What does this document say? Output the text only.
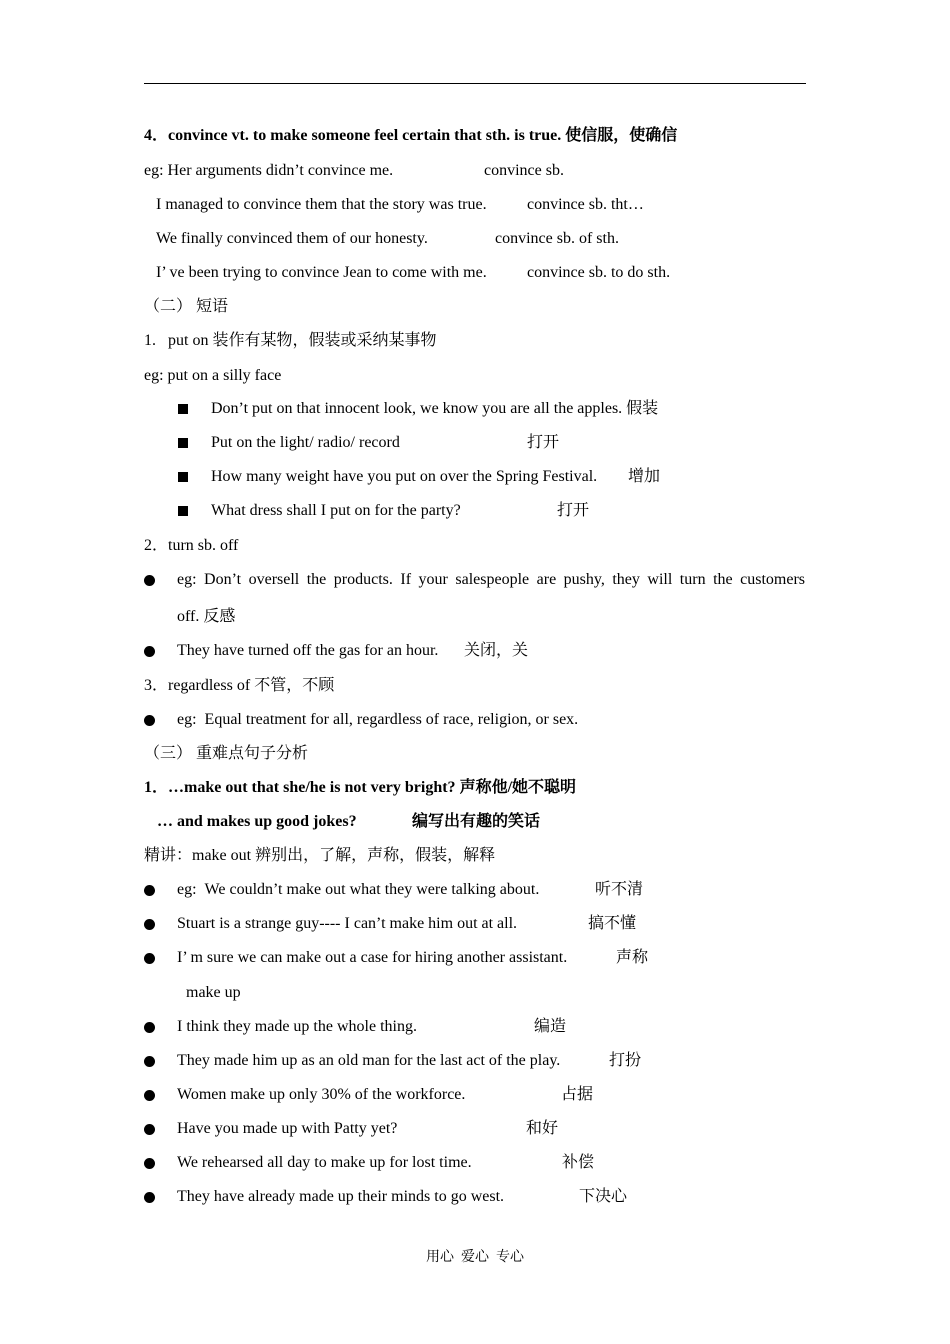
4．convince vt. to make someone feel certain that sth. is true. 使信服，使确信
eg: Her arguments didn’t convince me.	convince sb.
I managed to convince them that the story was true.	convince sb. tht…
We finally convinced them of our honesty.	convince sb. of sth.
I’ ve been trying to convince Jean to come with me.	convince sb. to do sth.
（二） 短语
1.   put on 装作有某物，假装或采纳某事物
eg: put on a silly face
Don’t put on that innocent look, we know you are all the apples. 假装
Put on the light/ radio/ record	打开
How many weight have you put on over the Spring Festival. 增加
What dress shall I put on for the party?	打开
2．turn sb. off
eg: Don’t oversell the products. If your salespeople are pushy, they will turn the customers
off. 反感
They have turned off the gas for an hour. 关闭，关
3．regardless of 不管，不顾
eg:  Equal treatment for all, regardless of race, religion, or sex.
（三） 重难点句子分析
1．…make out that she/he is not very bright? 声称他/她不聪明
… and makes up good jokes?	编写出有趣的笑话
精讲：make out 辨别出，了解，声称，假装，解释
eg:  We couldn’t make out what they were talking about.	听不清
Stuart is a strange guy---- I can’t make him out at all.	搞不懂
I’ m sure we can make out a case for hiring another assistant.	声称
make up
I think they made up the whole thing.	编造
They made him up as an old man for the last act of the play.	打扮
Women make up only 30% of the workforce.	占据
Have you made up with Patty yet?	和好
We rehearsed all day to make up for lost time.	补偿
They have already made up their minds to go west.	下决心
用心  爱心  专心
